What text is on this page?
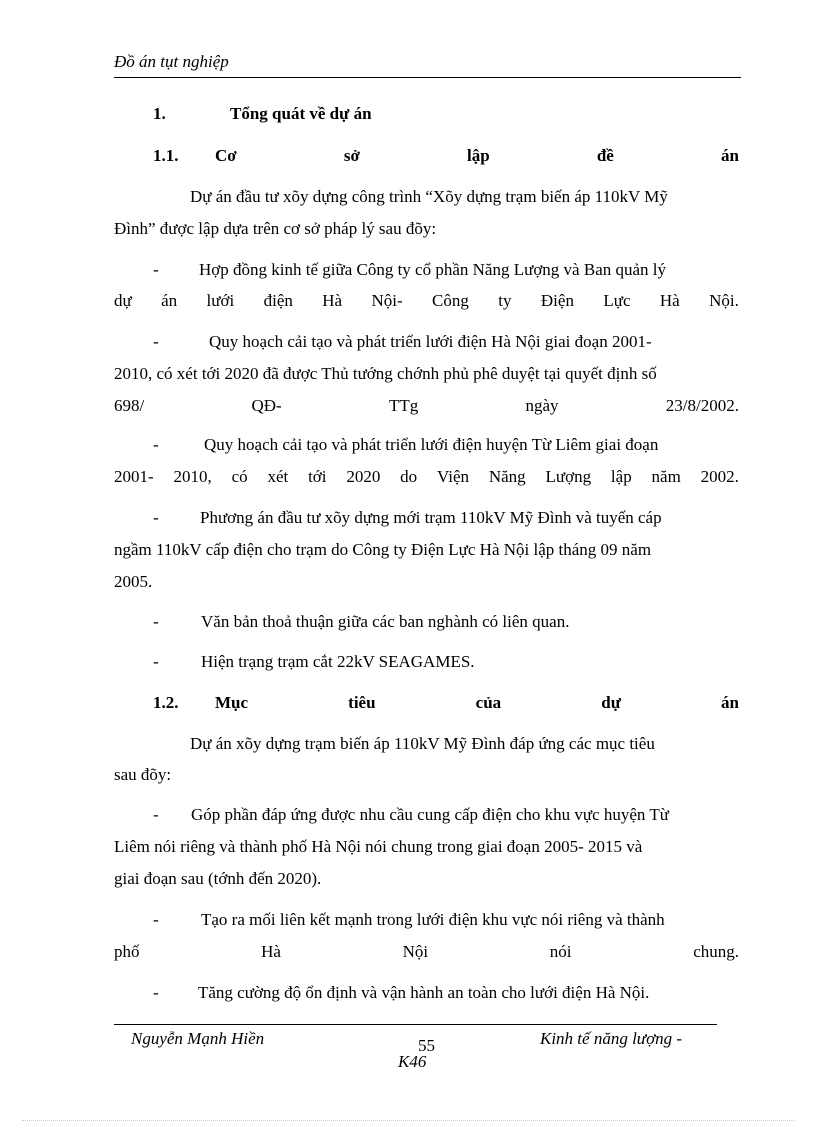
Đồ án tụt nghiệp
1.	Tổng quát về dự án
1.1. Cơ	sở	lập	đề	án
Dự án đầu tư xõy dựng công trình “Xõy dựng trạm biến áp 110kV Mỹ
Đình” được lập dựa trên cơ sở pháp lý sau đõy:
- Hợp đồng kinh tế giữa Công ty cổ phần Năng Lượng và Ban quản lý
dự án lưới điện Hà Nội- Công ty Điện Lực Hà Nội.
-	Quy hoạch cải tạo và phát triển lưới điện Hà Nội giai đoạn 2001-
2010, có xét tới 2020 đã được Thủ tướng chớnh phủ phê duyệt tại quyết định số
698/	QĐ-	TTg	ngày	23/8/2002.
-	Quy hoạch cải tạo và phát triển lưới điện huyện Từ Liêm giai đoạn
2001- 2010, có xét tới 2020 do Viện Năng Lượng lập năm 2002.
- Phương án đầu tư xõy dựng mới trạm 110kV Mỹ Đình và tuyến cáp
ngầm 110kV cấp điện cho trạm do Công ty Điện Lực Hà Nội lập tháng 09 năm
2005.
- Văn bản thoả thuận giữa các ban nghành có liên quan.
- Hiện trạng trạm cắt 22kV SEAGAMES.
1.2. Mục	tiêu	của	dự	án
Dự án xõy dựng trạm biến áp 110kV Mỹ Đình đáp ứng các mục tiêu
sau đõy:
- Góp phần đáp ứng được nhu cầu cung cấp điện cho khu vực huyện Từ
Liêm nói riêng và thành phố Hà Nội nói chung trong giai đoạn 2005- 2015 và
giai đoạn sau (tớnh đến 2020).
- Tạo ra mối liên kết mạnh trong lưới điện khu vực nói riêng và thành
phố	Hà	Nội	nói	chung.
- Tăng cường độ ổn định và vận hành an toàn cho lưới điện Hà Nội.
Nguyễn Mạnh Hiền	55	Kinh tế năng lượng -
K46
